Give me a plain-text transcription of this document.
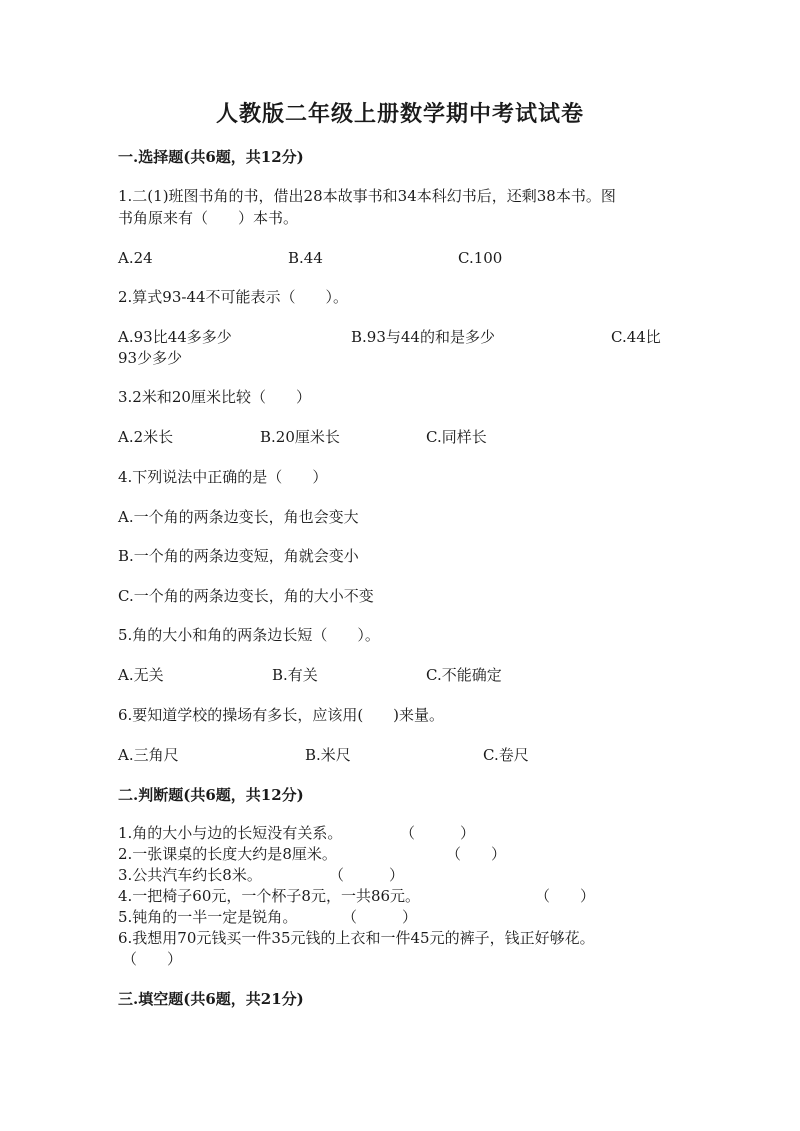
人教版二年级上册数学期中考试试卷
一.选择题(共6题，共12分)
1.二(1)班图书角的书，借出28本故事书和34本科幻书后，还剩38本书。图
书角原来有（　　）本书。
A.24	B.44	C.100
2.算式93-44不可能表示（　　）。
A.93比44多多少	B.93与44的和是多少	C.44比
93少多少
3.2米和20厘米比较（　　）
A.2米长	B.20厘米长	C.同样长
4.下列说法中正确的是（　　）
A.一个角的两条边变长，角也会变大
B.一个角的两条边变短，角就会变小
C.一个角的两条边变长，角的大小不变
5.角的大小和角的两条边长短（　　）。
A.无关	B.有关	C.不能确定
6.要知道学校的操场有多长，应该用(　　)来量。
A.三角尺	B.米尺	C.卷尺
二.判断题(共6题，共12分)
1.角的大小与边的长短没有关系。	（　　　）
2.一张课桌的长度大约是8厘米。	（　　）
3.公共汽车约长8米。	（　　　）
4.一把椅子60元，一个杯子8元，一共86元。	（　　）
5.钝角的一半一定是锐角。	（　　　）
6.我想用70元钱买一件35元钱的上衣和一件45元的裤子，钱正好够花。
（　　）
三.填空题(共6题，共21分)
